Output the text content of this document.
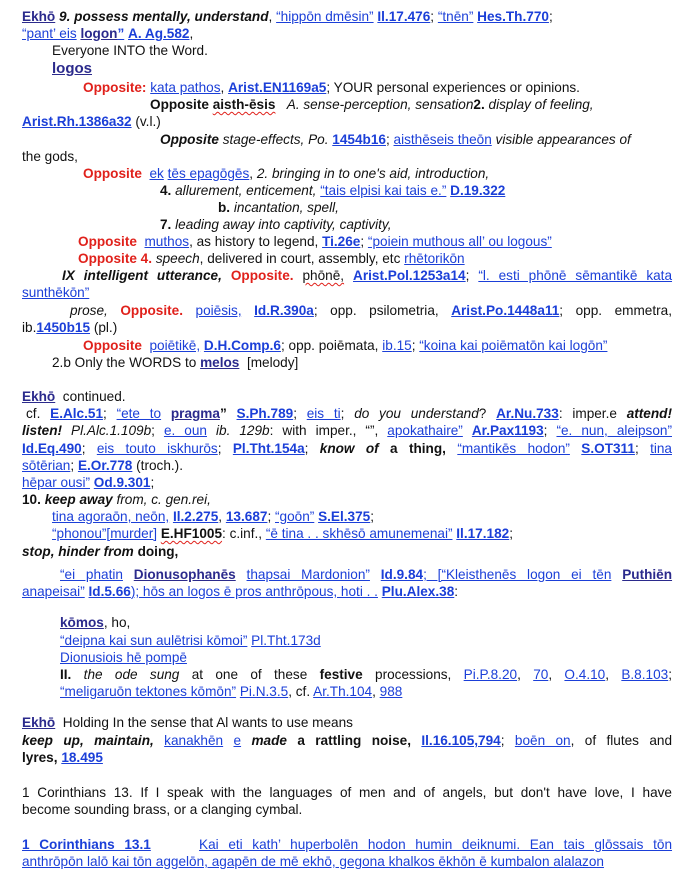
Ekhō 9. possess mentally, understand, “hippōn dmēsin” Il.17.476; “tnēn” Hes.Th.770;
“pant’ eis logon” A. Ag.582,
Everyone INTO the Word.
logos
Opposite: kata pathos, Arist.EN1169a5; YOUR personal experiences or opinions.
Opposite aisth-ēsis A. sense-perception, sensation2. display of feeling,
Arist.Rh.1386a32 (v.l.)
Opposite stage-effects, Po. 1454b16; aisthēseis theōn visible appearances of
the gods,
Opposite ek tēs epagōgēs, 2. bringing in to one's aid, introduction,
4. allurement, enticement, “tais elpisi kai tais e.” D.19.322
b. incantation, spell,
7. leading away into captivity, captivity,
Opposite muthos, as history to legend, Ti.26e; “poiein muthous all’ ou logous”
Opposite 4. speech, delivered in court, assembly, etc rhētorikōn
IX intelligent utterance, Opposite. phōnē, Arist.Pol.1253a14; “l. esti phōnē sēmantikē kata
sunthēkōn”
prose, Opposite. poiēsis, Id.R.390a; opp. psilometria, Arist.Po.1448a11; opp. emmetra,
ib.1450b15 (pl.)
Opposite poiētikē, D.H.Comp.6; opp. poiēmata, ib.15; “koina kai poiēmatōn kai logōn”
2.b Only the WORDS to melos [melody]
Ekhō continued.
cf. E.Alc.51; “ete to pragma” S.Ph.789; eis ti; do you understand? Ar.Nu.733: imper.e attend!
listen! Pl.Alc.1.109b; e. oun ib. 129b: with imper., “”, apokathaire” Ar.Pax1193; “e. nun, aleipson”
Id.Eq.490; eis touto iskhurōs; Pl.Tht.154a; know of a thing, “mantikēs hodon” S.OT311; tina
sōtērian; E.Or.778 (troch.).
hēpar ousi” Od.9.301;
10. keep away from, c. gen.rei,
tina agoraōn, neōn, Il.2.275, 13.687; “goōn” S.El.375;
“phonou”[murder] E.HF1005: c.inf., “ē tina . . skhēsō amunemenai” Il.17.182;
stop, hinder from doing,
“ei phatin Dionusophanēs thapsai Mardonion” Id.9.84; [“Kleisthenēs logon ei tēn Puthiēn
anapeisai” Id.5.66); hōs an logos ē pros anthrōpous, hoti . . Plu.Alex.38:
kōmos, ho,
“deipna kai sun aulētrisi kōmoi” Pl.Tht.173d
Dionusiois hē pompē
II. the ode sung at one of these festive processions, Pi.P.8.20, 70, O.4.10, B.8.103;
“meligaruōn tektones kōmōn” Pi.N.3.5, cf. Ar.Th.104, 988
Ekhō Holding In the sense that Al wants to use means
keep up, maintain, kanakhēn e made a rattling noise, Il.16.105,794; boēn on, of flutes and
lyres, 18.495
1 Corinthians 13. If I speak with the languages of men and of angels, but don't have love, I have
become sounding brass, or a clanging cymbal.
1 Corinthians 13.1	Kai eti kath’ huperbolēn hodon humin deiknumi. Ean tais glōssais tōn
anthrōpōn lalō kai tōn aggelōn, agapēn de mē ekhō, gegona khalkos ēkhōn ē kumbalon alalazon
